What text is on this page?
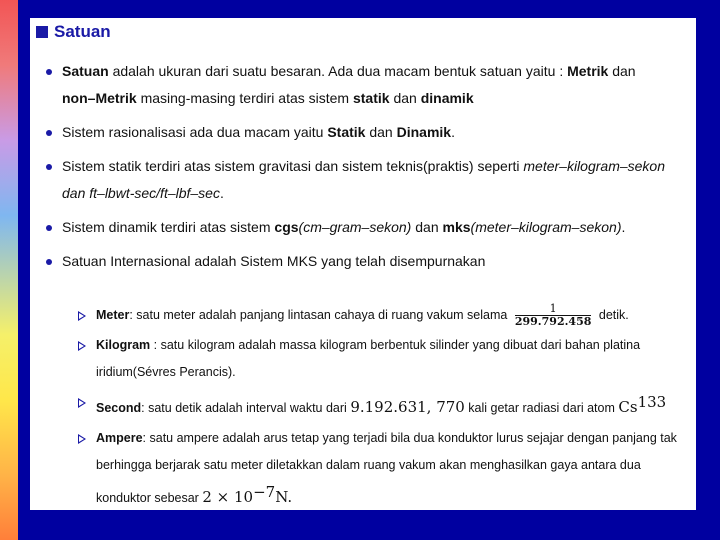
Satuan
Satuan adalah ukuran dari suatu besaran. Ada dua macam bentuk satuan yaitu : Metrik dan
non–Metrik masing-masing terdiri atas sistem statik dan dinamik
Sistem rasionalisasi ada dua macam yaitu Statik dan Dinamik.
Sistem statik terdiri atas sistem gravitasi dan sistem teknis(praktis) seperti meter–kilogram–sekon dan ft–lbwt-sec/ft–lbf–sec.
Sistem dinamik terdiri atas sistem cgs(cm–gram–sekon) dan mks(meter–kilogram–sekon).
Satuan Internasional adalah Sistem MKS yang telah disempurnakan
Meter: satu meter adalah panjang lintasan cahaya di ruang vakum selama $\frac{1}{299.792.458}$ detik.
Kilogram : satu kilogram adalah massa kilogram berbentuk silinder yang dibuat dari bahan platina iridium(Sévres Perancis).
Second: satu detik adalah interval waktu dari 9.192.631, 770 kali getar radiasi dari atom Cs$^{133}$
Ampere: satu ampere adalah arus tetap yang terjadi bila dua konduktor lurus sejajar dengan panjang tak berhingga berjarak satu meter diletakkan dalam ruang vakum akan menghasilkan gaya antara dua konduktor sebesar $2 \times 10^{-7}N$.
